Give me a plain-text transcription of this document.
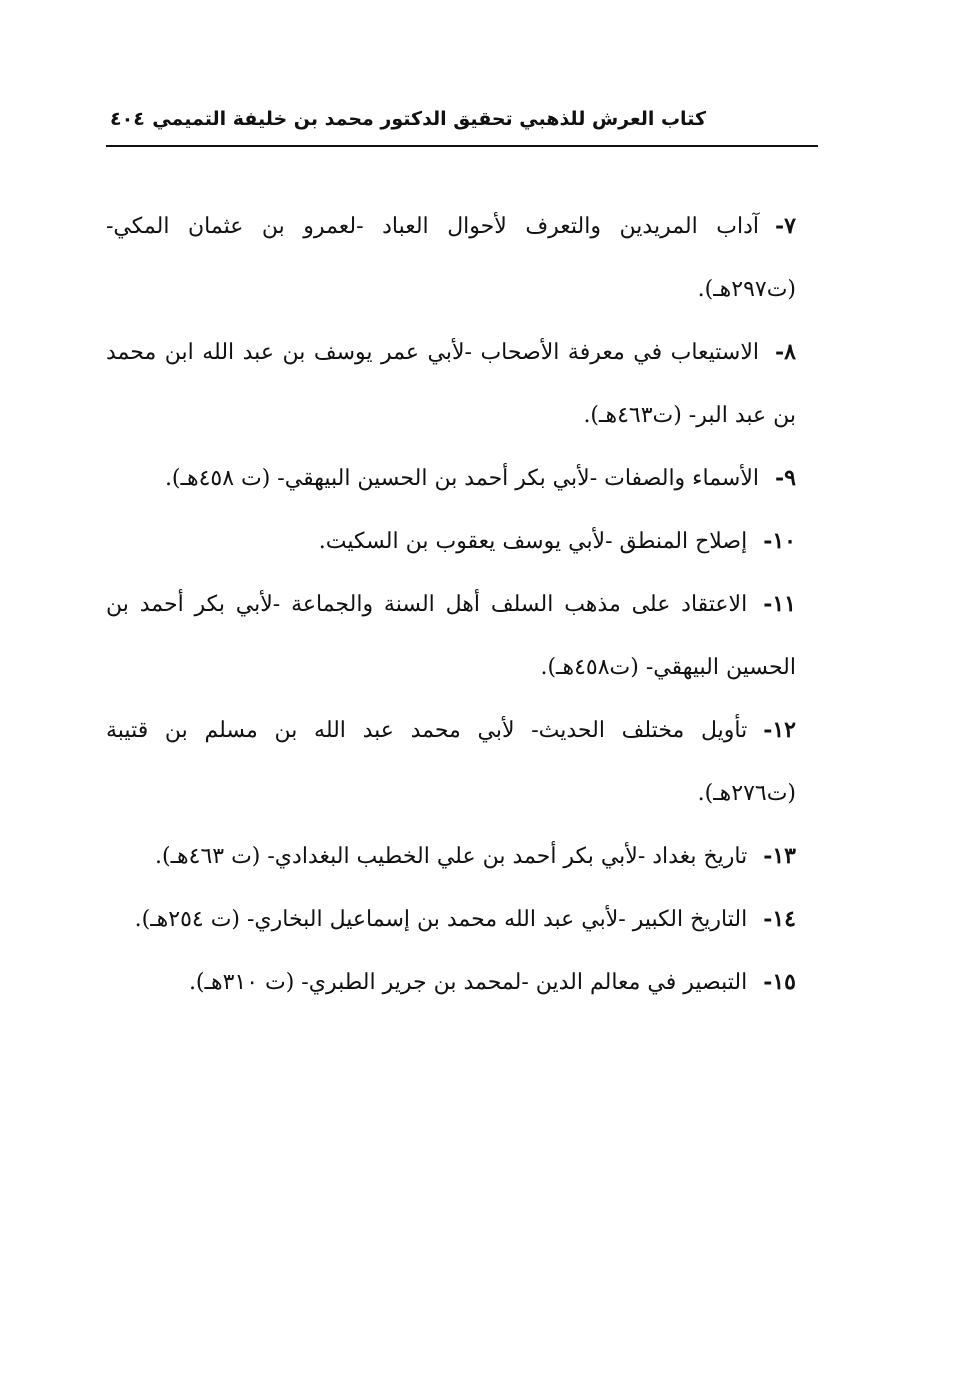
كتاب العرش للذهبي تحقيق الدكتور محمد بن خليفة التميمي
٤٠٤
٧-آداب المريدين والتعرف لأحوال العباد -لعمرو بن عثمان المكي- (ت٢٩٧هـ).
٨-الاستيعاب في معرفة الأصحاب -لأبي عمر يوسف بن عبد الله ابن محمد بن عبد البر- (ت٤٦٣هـ).
٩-الأسماء والصفات -لأبي بكر أحمد بن الحسين البيهقي- (ت ٤٥٨هـ).
١٠-إصلاح المنطق -لأبي يوسف يعقوب بن السكيت.
١١-الاعتقاد على مذهب السلف أهل السنة والجماعة -لأبي بكر أحمد بن الحسين البيهقي- (ت٤٥٨هـ).
١٢-تأويل مختلف الحديث- لأبي محمد عبد الله بن مسلم بن قتيبة (ت٢٧٦هـ).
١٣-تاريخ بغداد -لأبي بكر أحمد بن علي الخطيب البغدادي- (ت ٤٦٣هـ).
١٤-التاريخ الكبير -لأبي عبد الله محمد بن إسماعيل البخاري- (ت ٢٥٤هـ).
١٥-التبصير في معالم الدين -لمحمد بن جرير الطبري- (ت ٣١٠هـ).
